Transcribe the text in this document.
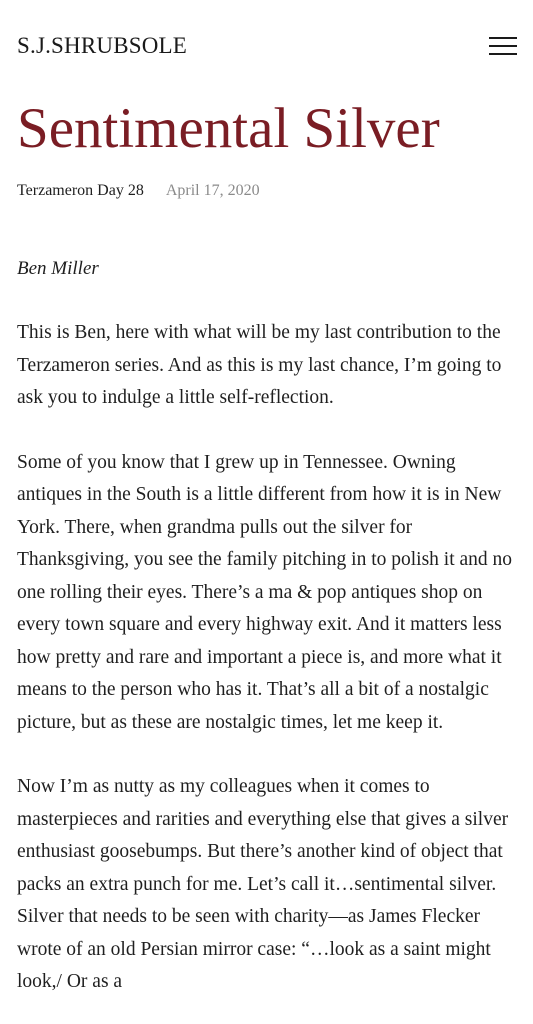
S.J.SHRUBSOLE
Sentimental Silver
Terzameron Day 28 April 17, 2020
Ben Miller

This is Ben, here with what will be my last contribution to the Terzameron series. And as this is my last chance, I’m going to ask you to indulge a little self-reflection.

Some of you know that I grew up in Tennessee. Owning antiques in the South is a little different from how it is in New York. There, when grandma pulls out the silver for Thanksgiving, you see the family pitching in to polish it and no one rolling their eyes. There’s a ma & pop antiques shop on every town square and every highway exit. And it matters less how pretty and rare and important a piece is, and more what it means to the person who has it. That’s all a bit of a nostalgic picture, but as these are nostalgic times, let me keep it.

Now I’m as nutty as my colleagues when it comes to masterpieces and rarities and everything else that gives a silver enthusiast goosebumps. But there’s another kind of object that packs an extra punch for me. Let’s call it…sentimental silver. Silver that needs to be seen with charity—as James Flecker wrote of an old Persian mirror case: “…look as a saint might look,/ Or as a
